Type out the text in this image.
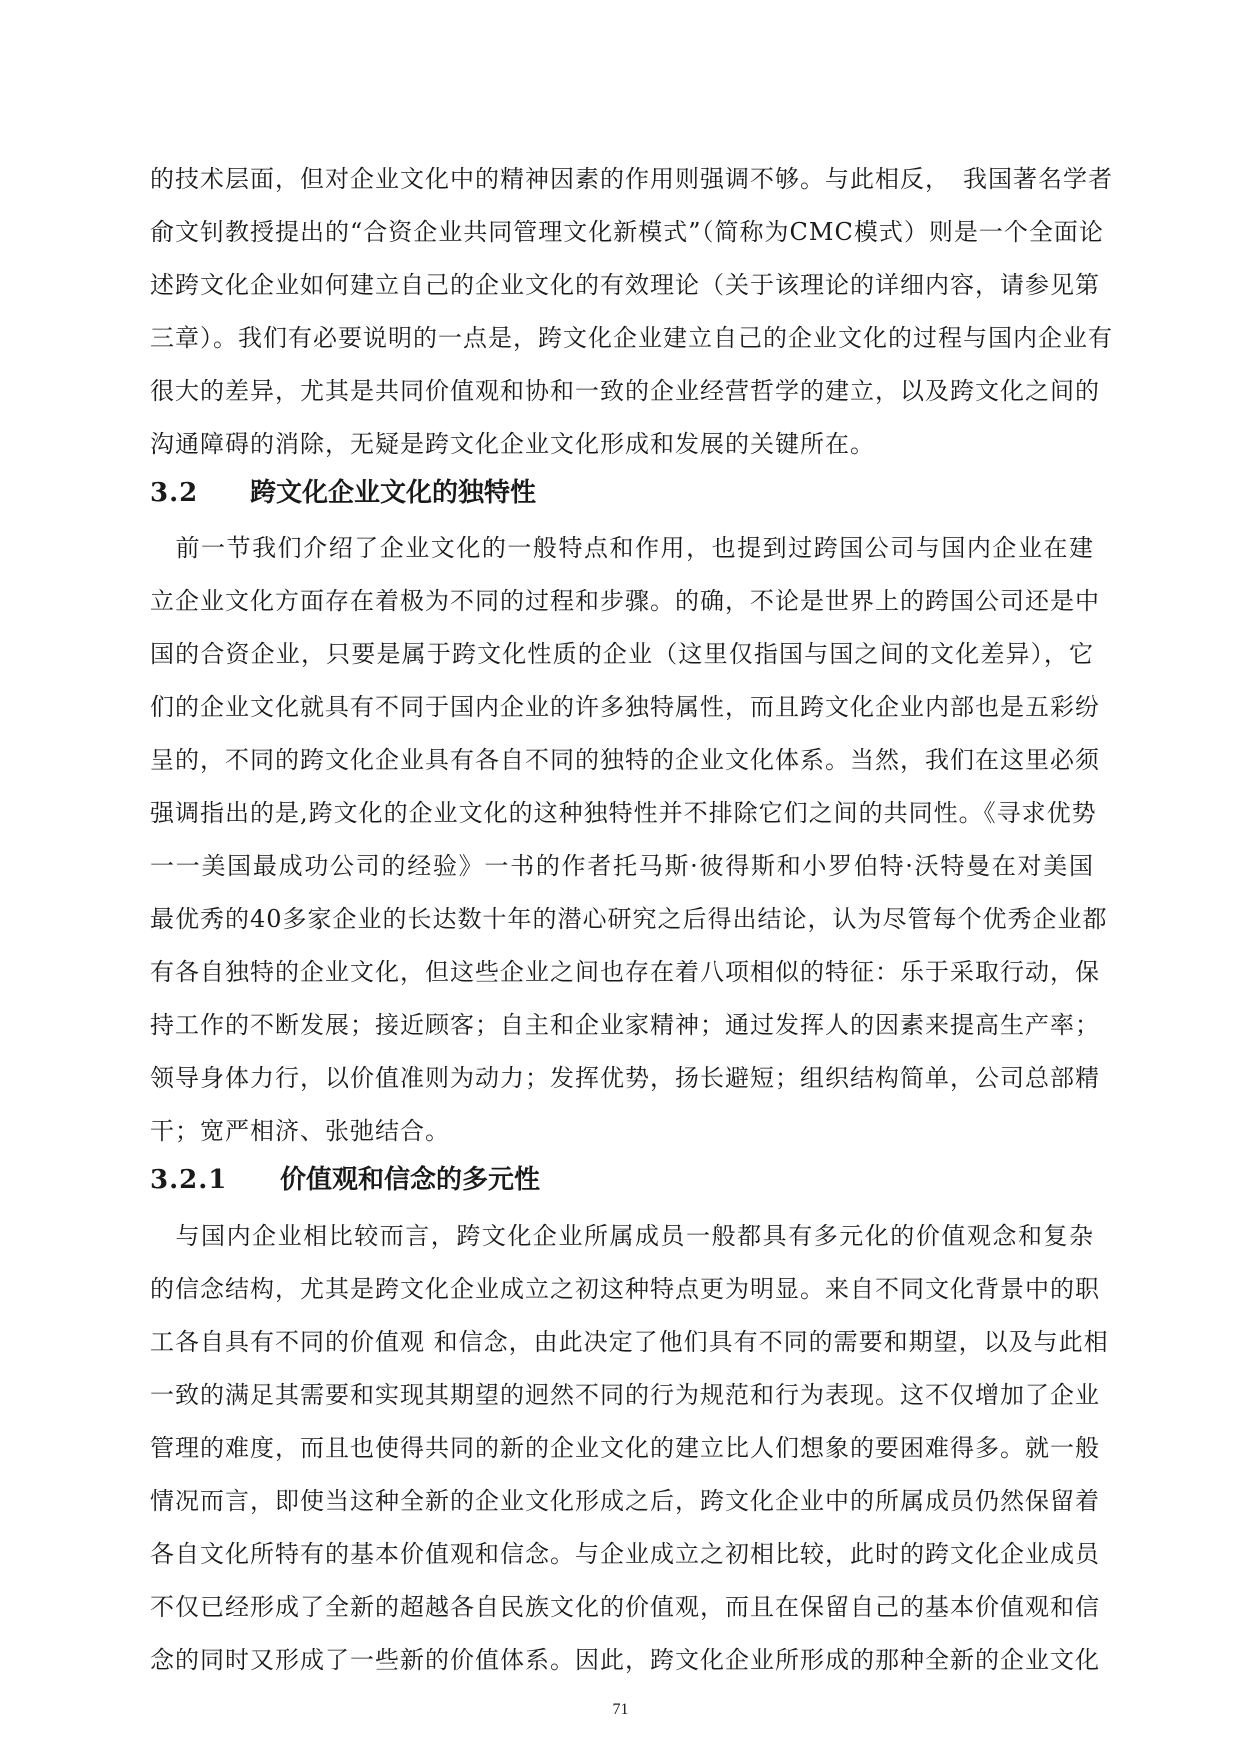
的技术层面，但对企业文化中的精神因素的作用则强调不够。与此相反，　我国著名学者
俞文钊教授提出的“合资企业共同管理文化新模式”（简称为CMC模式）则是一个全面论
述跨文化企业如何建立自己的企业文化的有效理论（关于该理论的详细内容，请参见第
三章）。我们有必要说明的一点是，跨文化企业建立自己的企业文化的过程与国内企业有
很大的差异，尤其是共同价值观和协和一致的企业经营哲学的建立，以及跨文化之间的
沟通障碍的消除，无疑是跨文化企业文化形成和发展的关键所在。
3.2 跨文化企业文化的独特性
　前一节我们介绍了企业文化的一般特点和作用，也提到过跨国公司与国内企业在建
立企业文化方面存在着极为不同的过程和步骤。的确，不论是世界上的跨国公司还是中
国的合资企业，只要是属于跨文化性质的企业（这里仅指国与国之间的文化差异），它
们的企业文化就具有不同于国内企业的许多独特属性，而且跨文化企业内部也是五彩纷
呈的，不同的跨文化企业具有各自不同的独特的企业文化体系。当然，我们在这里必须
强调指出的是,跨文化的企业文化的这种独特性并不排除它们之间的共同性。《寻求优势
一一美国最成功公司的经验》一书的作者托马斯·彼得斯和小罗伯特·沃特曼在对美国
最优秀的40多家企业的长达数十年的潜心研究之后得出结论，认为尽管每个优秀企业都
有各自独特的企业文化，但这些企业之间也存在着八项相似的特征：乐于采取行动，保
持工作的不断发展；接近顾客；自主和企业家精神；通过发挥人的因素来提高生产率；
领导身体力行，以价值准则为动力；发挥优势，扬长避短；组织结构简单，公司总部精
干；宽严相济、张弛结合。
3.2.1 价值观和信念的多元性
　与国内企业相比较而言，跨文化企业所属成员一般都具有多元化的价值观念和复杂
的信念结构，尤其是跨文化企业成立之初这种特点更为明显。来自不同文化背景中的职
工各自具有不同的价值观 和信念，由此决定了他们具有不同的需要和期望，以及与此相
一致的满足其需要和实现其期望的迥然不同的行为规范和行为表现。这不仅增加了企业
管理的难度，而且也使得共同的新的企业文化的建立比人们想象的要困难得多。就一般
情况而言，即使当这种全新的企业文化形成之后，跨文化企业中的所属成员仍然保留着
各自文化所特有的基本价值观和信念。与企业成立之初相比较，此时的跨文化企业成员
不仅已经形成了全新的超越各自民族文化的价值观，而且在保留自己的基本价值观和信
念的同时又形成了一些新的价值体系。因此，跨文化企业所形成的那种全新的企业文化
71
